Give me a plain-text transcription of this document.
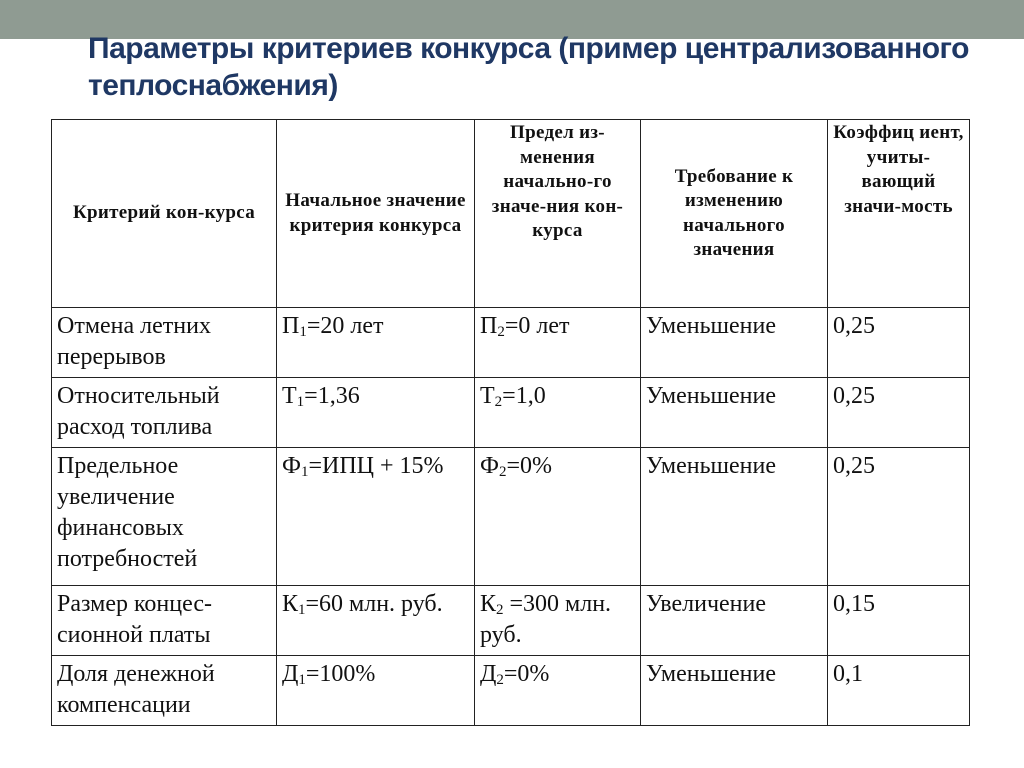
Параметры критериев конкурса (пример централизованного теплоснабжения)
Критерий кон-курса	Начальное значение критерия конкурса	Предел из-менения начально-го значе-ния кон-курса	Требование к изменению начального значения	Коэффиц иент, учиты-вающий значи-мость
Отмена летних перерывов	$П_1=20$ лет	$П_2=0$ лет	Уменьшение	0,25
Относительный расход топлива	$Т_1=1,36$	$Т_2=1,0$	Уменьшение	0,25
Предельное увеличение финансовых потребностей	$Ф_1=ИПЦ + 15\%$	$Ф_2=0\%$	Уменьшение	0,25
Размер концес-сионной платы	$К_1=60$ млн. руб.	$К_2 =300$ млн. руб.	Увеличение	0,15
Доля денежной компенсации	$Д_1=100\%$	$Д_2=0\%$	Уменьшение	0,1
